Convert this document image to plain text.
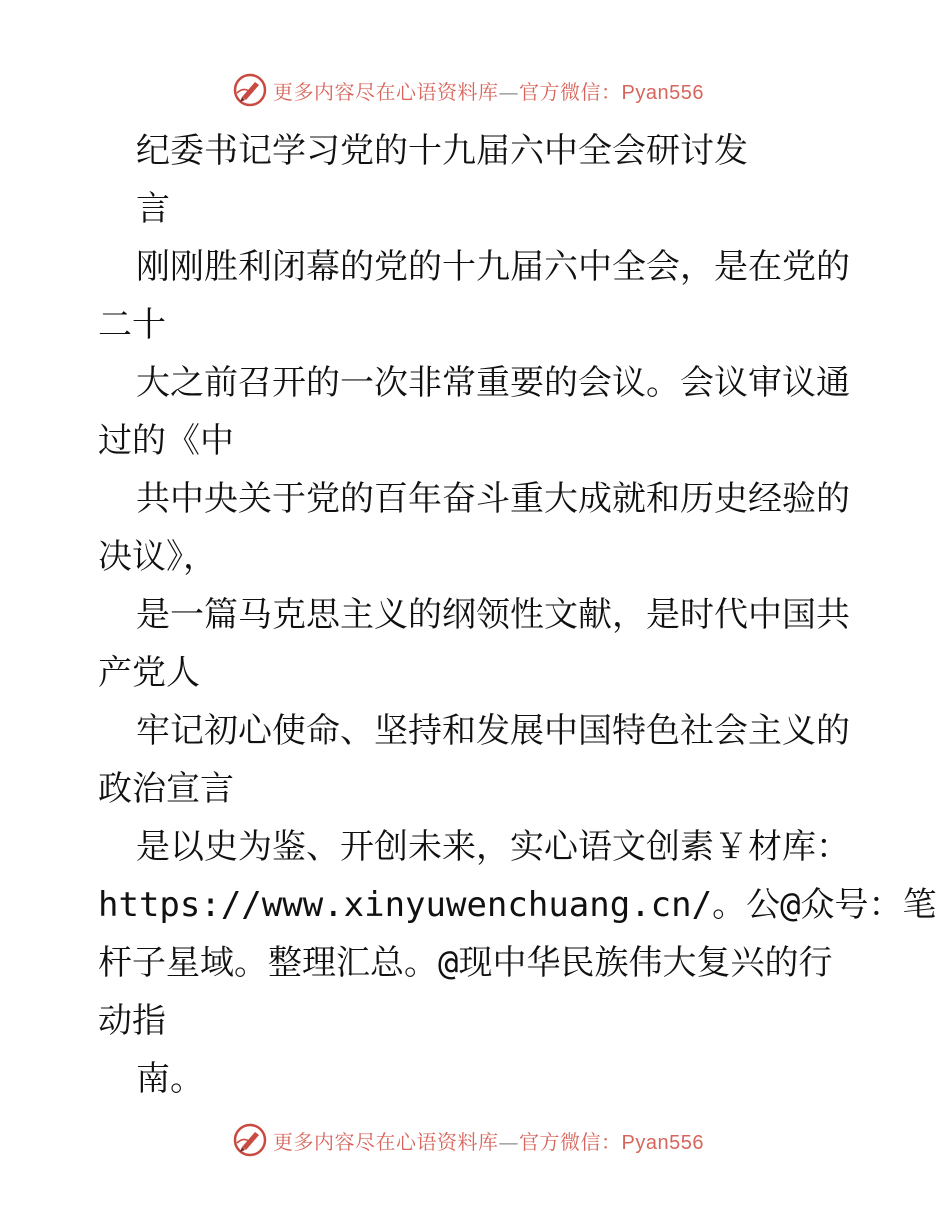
更多内容尽在心语资料库—官方微信：Pyan556
纪委书记学习党的十九届六中全会研讨发
言
刚刚胜利闭幕的党的十九届六中全会，是在党的
二十
大之前召开的一次非常重要的会议。会议审议通
过的《中
共中央关于党的百年奋斗重大成就和历史经验的
决议》，
是一篇马克思主义的纲领性文献，是时代中国共
产党人
牢记初心使命、坚持和发展中国特色社会主义的
政治宣言
是以史为鉴、开创未来，实心语文创素￥材库：
https://www.xinyuwenchuang.cn/。公@众号：笔
杆子星域。整理汇总。@现中华民族伟大复兴的行
动指
南。
更多内容尽在心语资料库—官方微信：Pyan556
